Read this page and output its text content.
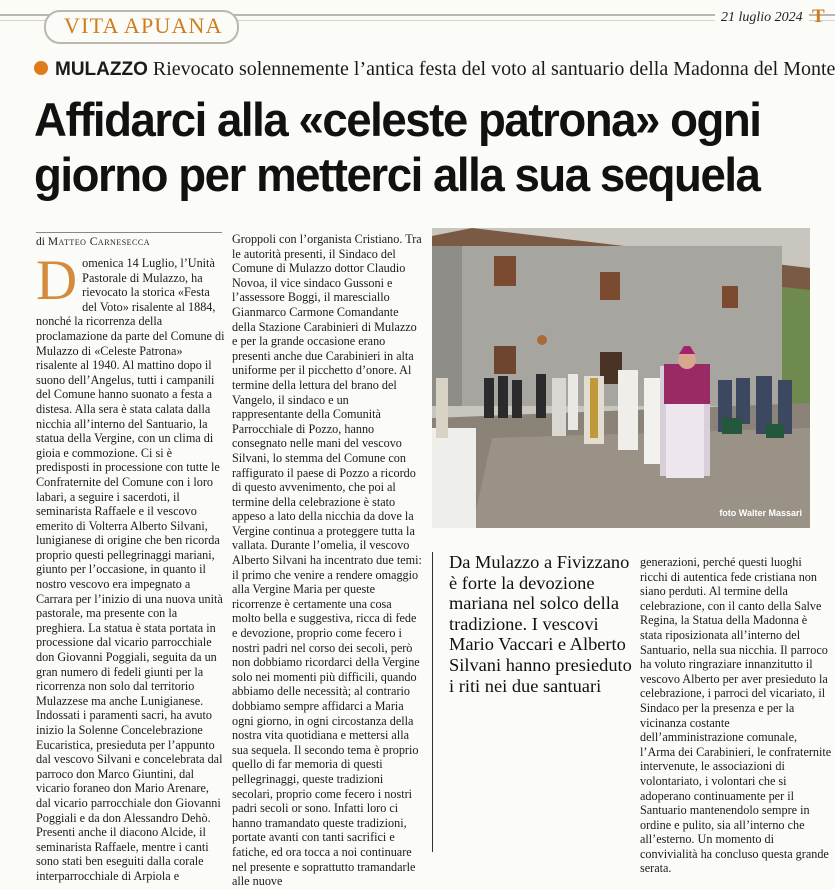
VITA APUANA	21 luglio 2024 T
MULAZZO Rievocato solennemente l’antica festa del voto al santuario della Madonna del Monte
Affidarci alla «celeste patrona» ogni giorno per metterci alla sua sequela
di Matteo Carnesecca
Domenica 14 Luglio, l’Unità Pastorale di Mulazzo, ha rievocato la storica «Festa del Voto» risalente al 1884, nonché la ricorrenza della proclamazione da parte del Comune di Mulazzo di «Celeste Patrona» risalente al 1940. Al mattino dopo il suono dell’Angelus, tutti i campanili del Comune hanno suonato a festa a distesa. Alla sera è stata calata dalla nicchia all’interno del Santuario, la statua della Vergine, con un clima di gioia e commozione. Ci si è predisposti in processione con tutte le Confraternite del Comune con i loro labari, a seguire i sacerdoti, il seminarista Raffaele e il vescovo emerito di Volterra Alberto Silvani, lunigianese di origine che ben ricorda proprio questi pellegrinaggi mariani, giunto per l’occasione, in quanto il nostro vescovo era impegnato a Carrara per l’inizio di una nuova unità pastorale, ma presente con la preghiera. La statua è stata portata in processione dal vicario parrocchiale don Giovanni Poggiali, seguita da un gran numero di fedeli giunti per la ricorrenza non solo dal territorio Mulazzese ma anche Lunigianese. Indossati i paramenti sacri, ha avuto inizio la Solenne Concelebrazione Eucaristica, presieduta per l’appunto dal vescovo Silvani e concelebrata dal parroco don Marco Giuntini, dal vicario foraneo don Mario Arenare, dal vicario parrocchiale don Giovanni Poggiali e da don Alessandro Dehò. Presenti anche il diacono Alcide, il seminarista Raffaele, mentre i canti sono stati ben eseguiti dalla corale interparrocchiale di Arpiola e
Groppoli con l’organista Cristiano. Tra le autorità presenti, il Sindaco del Comune di Mulazzo dottor Claudio Novoa, il vice sindaco Gussoni e l’assessore Boggi, il maresciallo Gianmarco Carmone Comandante della Stazione Carabinieri di Mulazzo e per la grande occasione erano presenti anche due Carabinieri in alta uniforme per il picchetto d’onore. Al termine della lettura del brano del Vangelo, il sindaco e un rappresentante della Comunità Parrocchiale di Pozzo, hanno consegnato nelle mani del vescovo Silvani, lo stemma del Comune con raffigurato il paese di Pozzo a ricordo di questo avvenimento, che poi al termine della celebrazione è stato appeso a lato della nicchia da dove la Vergine continua a proteggere tutta la vallata. Durante l’omelia, il vescovo Alberto Silvani ha incentrato due temi: il primo che venire a rendere omaggio alla Vergine Maria per queste ricorrenze è certamente una cosa molto bella e suggestiva, ricca di fede e devozione, proprio come fecero i nostri padri nel corso dei secoli, però non dobbiamo ricordarci della Vergine solo nei momenti più difficili, quando abbiamo delle necessità; al contrario dobbiamo sempre affidarci a Maria ogni giorno, in ogni circostanza della nostra vita quotidiana e mettersi alla sua sequela. Il secondo tema è proprio quello di far memoria di questi pellegrinaggi, queste tradizioni secolari, proprio come fecero i nostri padri secoli or sono. Infatti loro ci hanno tramandato queste tradizioni, portate avanti con tanti sacrifici e fatiche, ed ora tocca a noi continuare nel presente e soprattutto tramandarle alle nuove
foto Walter Massari
Da Mulazzo a Fivizzano è forte la devozione mariana nel solco della tradizione. I vescovi Mario Vaccari e Alberto Silvani hanno presieduto i riti nei due santuari
generazioni, perché questi luoghi ricchi di autentica fede cristiana non siano perduti. Al termine della celebrazione, con il canto della Salve Regina, la Statua della Madonna è stata riposizionata all’interno del Santuario, nella sua nicchia. Il parroco ha voluto ringraziare innanzitutto il vescovo Alberto per aver presieduto la celebrazione, i parroci del vicariato, il Sindaco per la presenza e per la vicinanza costante dell’amministrazione comunale, l’Arma dei Carabinieri, le confraternite intervenute, le associazioni di volontariato, i volontari che si adoperano continuamente per il Santuario mantenendolo sempre in ordine e pulito, sia all’interno che all’esterno. Un momento di convivialità ha concluso questa grande serata.
